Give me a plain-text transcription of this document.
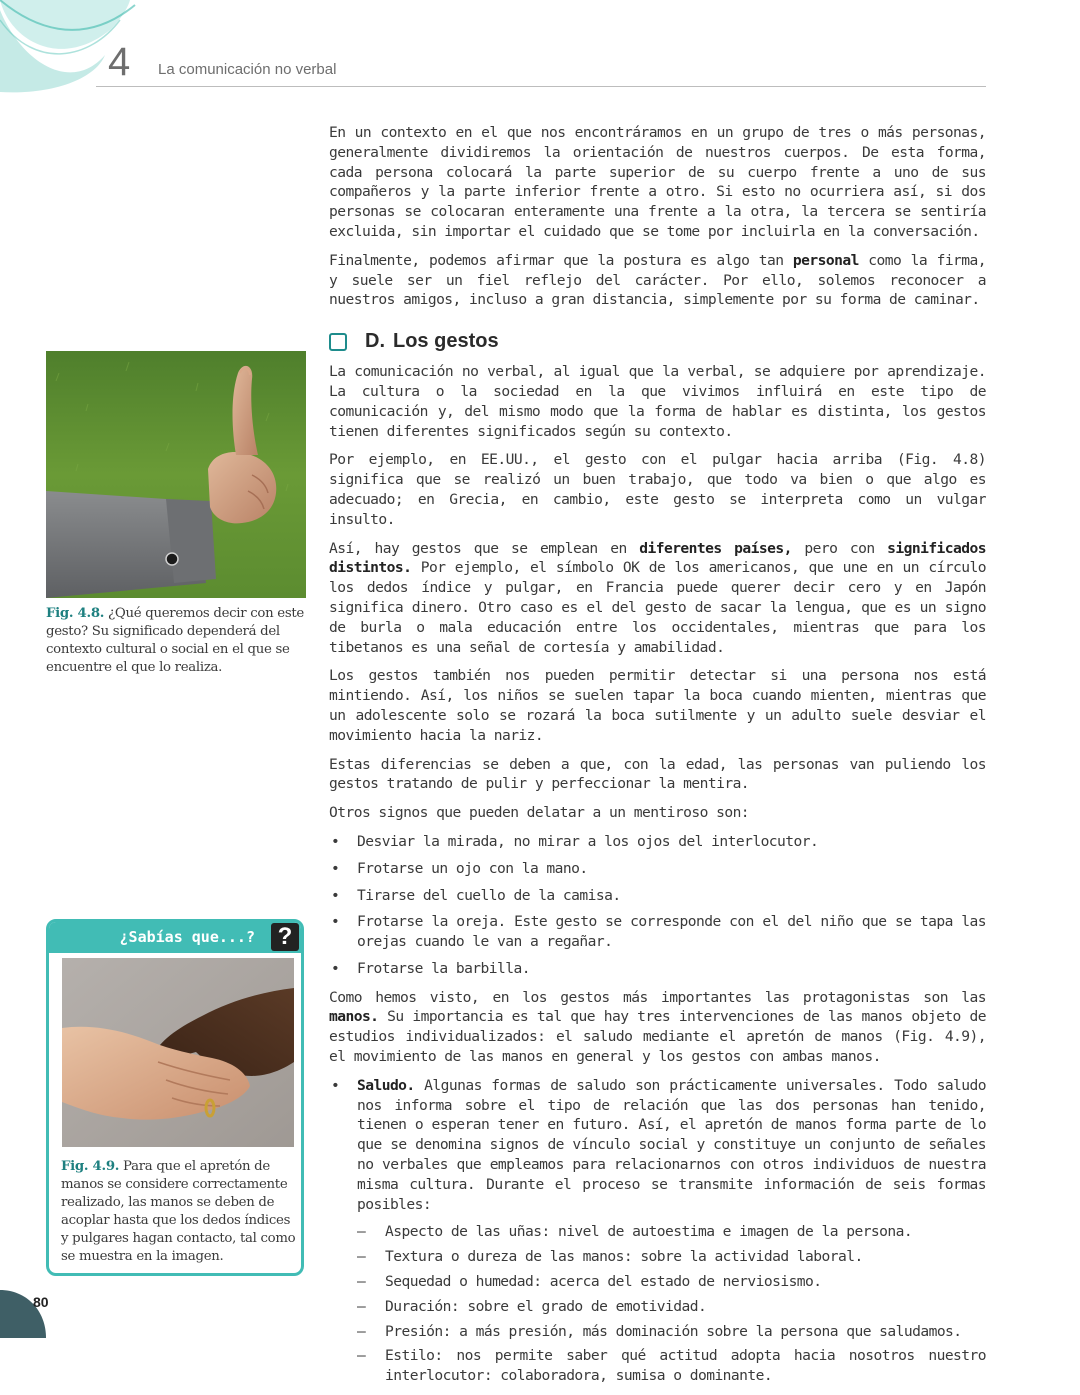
4 La comunicación no verbal

En un contexto en el que nos encontráramos en un grupo de tres o más personas, generalmente dividiremos la orientación de nuestros cuerpos. De esta forma, cada persona colocará la parte superior de su cuerpo frente a uno de sus compañeros y la parte inferior frente a otro. Si esto no ocurriera así, si dos personas se colocaran enteramente una frente a la otra, la tercera se sentiría excluida, sin importar el cuidado que se tome por incluirla en la conversación.

Finalmente, podemos afirmar que la postura es algo tan personal como la firma, y suele ser un fiel reflejo del carácter. Por ello, solemos reconocer a nuestros amigos, incluso a gran distancia, simplemente por su forma de caminar.

D. Los gestos

La comunicación no verbal, al igual que la verbal, se adquiere por aprendizaje. La cultura o la sociedad en la que vivimos influirá en este tipo de comunicación y, del mismo modo que la forma de hablar es distinta, los gestos tienen diferentes significados según su contexto.

Por ejemplo, en EE.UU., el gesto con el pulgar hacia arriba (Fig. 4.8) significa que se realizó un buen trabajo, que todo va bien o que algo es adecuado; en Grecia, en cambio, este gesto se interpreta como un vulgar insulto.

Así, hay gestos que se emplean en diferentes países, pero con significados distintos. Por ejemplo, el símbolo OK de los americanos, que une en un círculo los dedos índice y pulgar, en Francia puede querer decir cero y en Japón significa dinero. Otro caso es el del gesto de sacar la lengua, que es un signo de burla o mala educación entre los occidentales, mientras que para los tibetanos es una señal de cortesía y amabilidad.

Los gestos también nos pueden permitir detectar si una persona nos está mintiendo. Así, los niños se suelen tapar la boca cuando mienten, mientras que un adolescente solo se rozará la boca sutilmente y un adulto suele desviar el movimiento hacia la nariz.

Estas diferencias se deben a que, con la edad, las personas van puliendo los gestos tratando de pulir y perfeccionar la mentira.

Otros signos que pueden delatar a un mentiroso son:

• Desviar la mirada, no mirar a los ojos del interlocutor.
• Frotarse un ojo con la mano.
• Tirarse del cuello de la camisa.
• Frotarse la oreja. Este gesto se corresponde con el del niño que se tapa las orejas cuando le van a regañar.
• Frotarse la barbilla.

Como hemos visto, en los gestos más importantes las protagonistas son las manos. Su importancia es tal que hay tres intervenciones de las manos objeto de estudios individualizados: el saludo mediante el apretón de manos (Fig. 4.9), el movimiento de las manos en general y los gestos con ambas manos.

• Saludo. Algunas formas de saludo son prácticamente universales. Todo saludo nos informa sobre el tipo de relación que las dos personas han tenido, tienen o esperan tener en futuro. Así, el apretón de manos forma parte de lo que se denomina signos de vínculo social y constituye un conjunto de señales no verbales que empleamos para relacionarnos con otros individuos de nuestra misma cultura. Durante el proceso se transmite información de seis formas posibles:
– Aspecto de las uñas: nivel de autoestima e imagen de la persona.
– Textura o dureza de las manos: sobre la actividad laboral.
– Sequedad o humedad: acerca del estado de nerviosismo.
– Duración: sobre el grado de emotividad.
– Presión: a más presión, más dominación sobre la persona que saludamos.
– Estilo: nos permite saber qué actitud adopta hacia nosotros nuestro interlocutor: colaboradora, sumisa o dominante.
Fig. 4.8. ¿Qué queremos decir con este gesto? Su significado dependerá del contexto cultural o social en el que se encuentre el que lo realiza.
¿Sabías que...? ?
Fig. 4.9. Para que el apretón de manos se considere correctamente realizado, las manos se deben de acoplar hasta que los dedos índices y pulgares hagan contacto, tal como se muestra en la imagen.
80
